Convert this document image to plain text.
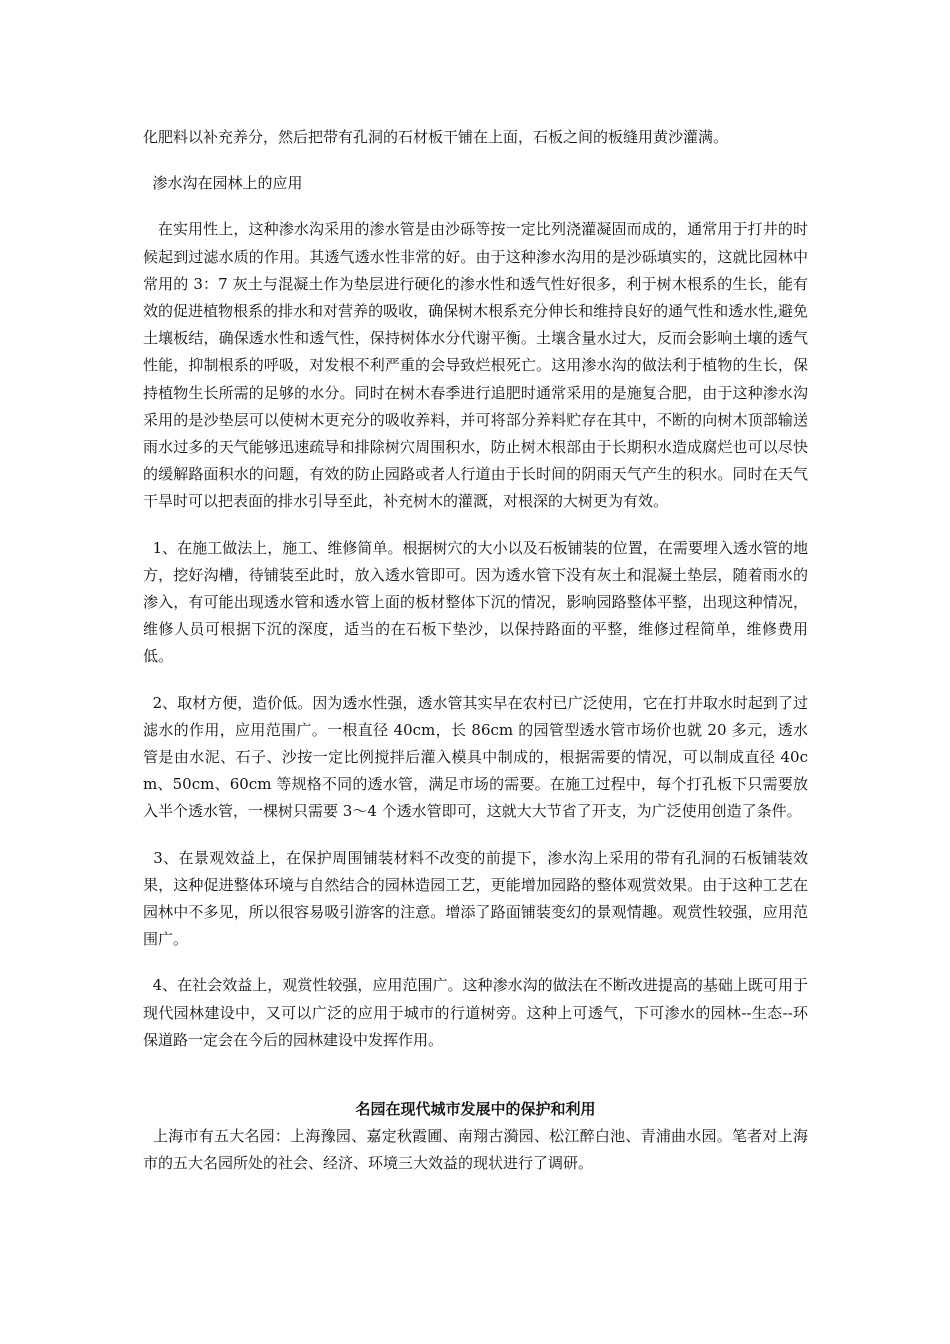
化肥料以补充养分，然后把带有孔洞的石材板干铺在上面，石板之间的板缝用黄沙灌满。

渗水沟在园林上的应用

在实用性上，这种渗水沟采用的渗水管是由沙砾等按一定比列浇灌凝固而成的，通常用于打井的时候起到过滤水质的作用。其透气透水性非常的好。由于这种渗水沟用的是沙砾填实的，这就比园林中常用的 3：7 灰土与混凝土作为垫层进行硬化的渗水性和透气性好很多，利于树木根系的生长，能有效的促进植物根系的排水和对营养的吸收，确保树木根系充分伸长和维持良好的通气性和透水性,避免土壤板结，确保透水性和透气性，保持树体水分代谢平衡。土壤含量水过大，反而会影响土壤的透气性能，抑制根系的呼吸，对发根不利严重的会导致烂根死亡。这用渗水沟的做法利于植物的生长，保持植物生长所需的足够的水分。同时在树木春季进行追肥时通常采用的是施复合肥，由于这种渗水沟采用的是沙垫层可以使树木更充分的吸收养料，并可将部分养料贮存在其中，不断的向树木顶部输送雨水过多的天气能够迅速疏导和排除树穴周围积水，防止树木根部由于长期积水造成腐烂也可以尽快的缓解路面积水的问题，有效的防止园路或者人行道由于长时间的阴雨天气产生的积水。同时在天气干旱时可以把表面的排水引导至此，补充树木的灌溉，对根深的大树更为有效。

1、在施工做法上，施工、维修简单。根据树穴的大小以及石板铺装的位置，在需要埋入透水管的地方，挖好沟槽，待铺装至此时，放入透水管即可。因为透水管下没有灰土和混凝土垫层，随着雨水的渗入，有可能出现透水管和透水管上面的板材整体下沉的情况，影响园路整体平整，出现这种情况，维修人员可根据下沉的深度，适当的在石板下垫沙，以保持路面的平整，维修过程简单，维修费用低。

2、取材方便，造价低。因为透水性强，透水管其实早在农村已广泛使用，它在打井取水时起到了过滤水的作用，应用范围广。一根直径 40cm，长 86cm 的园管型透水管市场价也就 20 多元，透水管是由水泥、石子、沙按一定比例搅拌后灌入模具中制成的，根据需要的情况，可以制成直径 40cm、50cm、60cm 等规格不同的透水管，满足市场的需要。在施工过程中，每个打孔板下只需要放入半个透水管，一棵树只需要 3～4 个透水管即可，这就大大节省了开支，为广泛使用创造了条件。

3、在景观效益上，在保护周围铺装材料不改变的前提下，渗水沟上采用的带有孔洞的石板铺装效果，这种促进整体环境与自然结合的园林造园工艺，更能增加园路的整体观赏效果。由于这种工艺在园林中不多见，所以很容易吸引游客的注意。增添了路面铺装变幻的景观情趣。观赏性较强，应用范围广。

4、在社会效益上，观赏性较强，应用范围广。这种渗水沟的做法在不断改进提高的基础上既可用于现代园林建设中，又可以广泛的应用于城市的行道树旁。这种上可透气，下可渗水的园林--生态--环保道路一定会在今后的园林建设中发挥作用。

名园在现代城市发展中的保护和利用

上海市有五大名园：上海豫园、嘉定秋霞圃、南翔古漪园、松江醉白池、青浦曲水园。笔者对上海市的五大名园所处的社会、经济、环境三大效益的现状进行了调研。
